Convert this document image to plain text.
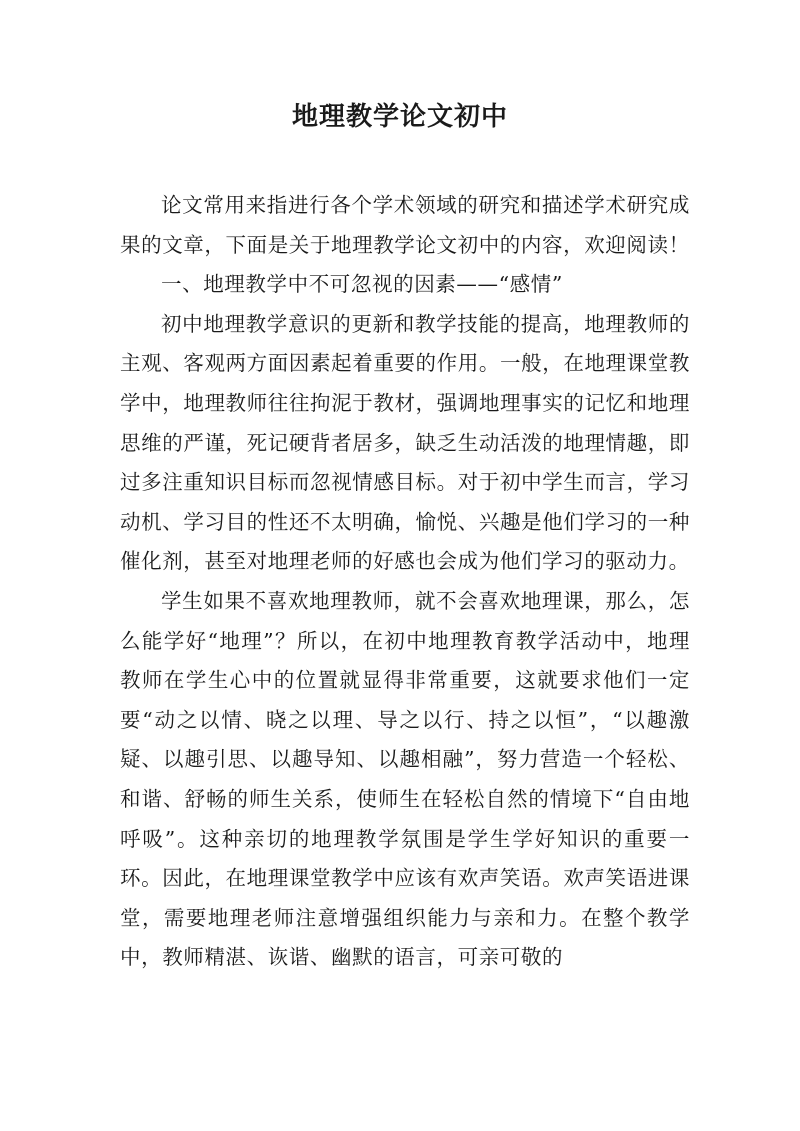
地理教学论文初中

论文常用来指进行各个学术领域的研究和描述学术研究成果的文章，下面是关于地理教学论文初中的内容，欢迎阅读！

一、地理教学中不可忽视的因素——“感情”

初中地理教学意识的更新和教学技能的提高，地理教师的主观、客观两方面因素起着重要的作用。一般，在地理课堂教学中，地理教师往往拘泥于教材，强调地理事实的记忆和地理思维的严谨，死记硬背者居多，缺乏生动活泼的地理情趣，即过多注重知识目标而忽视情感目标。对于初中学生而言，学习动机、学习目的性还不太明确，愉悦、兴趣是他们学习的一种催化剂，甚至对地理老师的好感也会成为他们学习的驱动力。

学生如果不喜欢地理教师，就不会喜欢地理课，那么，怎么能学好“地理”？所以，在初中地理教育教学活动中，地理教师在学生心中的位置就显得非常重要，这就要求他们一定要“动之以情、晓之以理、导之以行、持之以恒”，“以趣激疑、以趣引思、以趣导知、以趣相融”，努力营造一个轻松、和谐、舒畅的师生关系，使师生在轻松自然的情境下“自由地呼吸”。这种亲切的地理教学氛围是学生学好知识的重要一环。因此，在地理课堂教学中应该有欢声笑语。欢声笑语进课堂，需要地理老师注意增强组织能力与亲和力。在整个教学中，教师精湛、诙谐、幽默的语言，可亲可敬的
